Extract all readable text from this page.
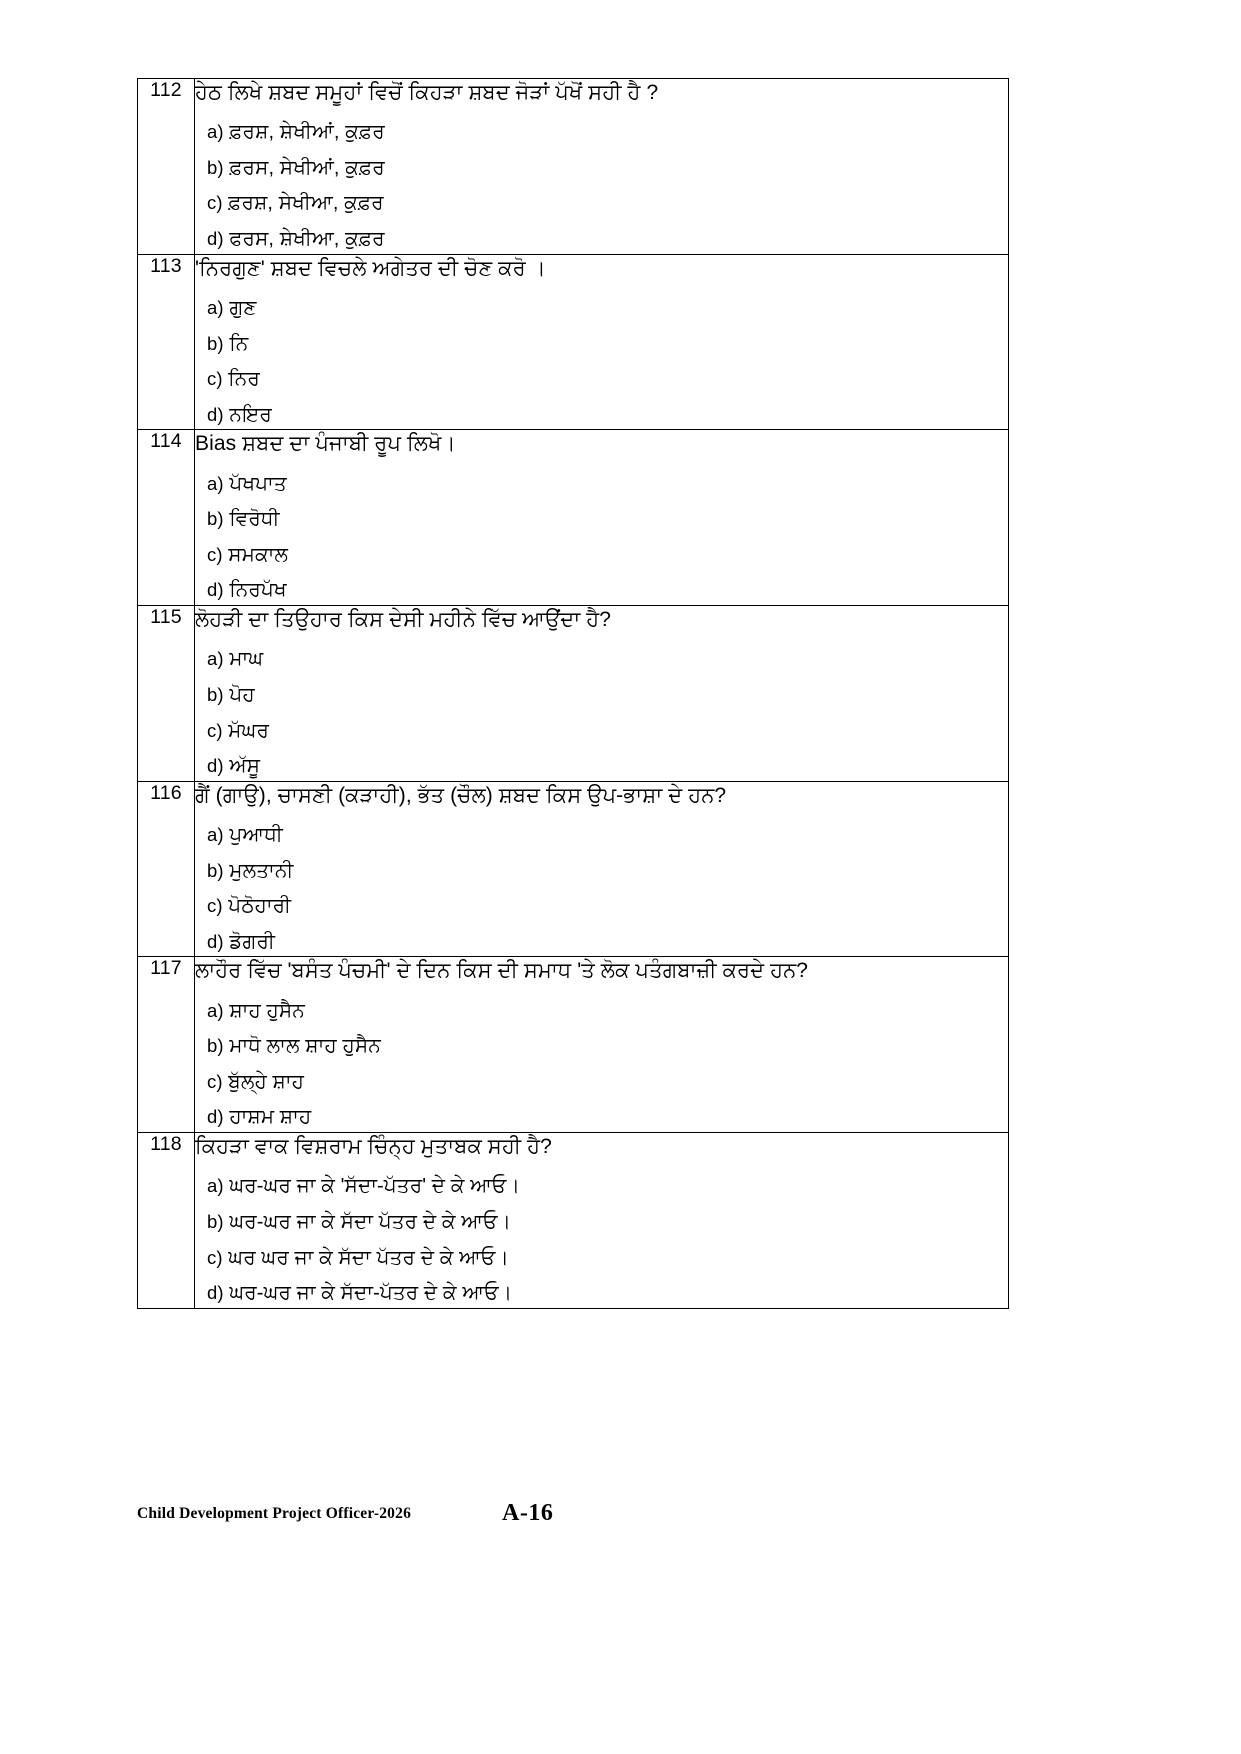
112	ਹੇਠ ਲਿਖੇ ਸ਼ਬਦ ਸਮੂਹਾਂ ਵਿਚੋਂ ਕਿਹੜਾ ਸ਼ਬਦ ਜੋੜਾਂ ਪੱਖੋਂ ਸਹੀ ਹੈ ?

a) ਫ਼ਰਸ਼, ਸ਼ੇਖੀਆਂ, ਕੁਫ਼ਰ

b) ਫ਼ਰਸ, ਸੇਖੀਆਂ, ਕੁਫ਼ਰ

c) ਫ਼ਰਸ਼, ਸੇਖੀਆ, ਕੁਫ਼ਰ

d) ਫਰਸ, ਸ਼ੇਖੀਆ, ਕੁਫ਼ਰ

113	'ਨਿਰਗੁਣ' ਸ਼ਬਦ ਵਿਚਲੇ ਅਗੇਤਰ ਦੀ ਚੋਣ ਕਰੋ ।

a) ਗੁਣ

b) ਨਿ

c) ਨਿਰ

d) ਨਇਰ

114	Bias ਸ਼ਬਦ ਦਾ ਪੰਜਾਬੀ ਰੂਪ ਲਿਖੋ।

a) ਪੱਖਪਾਤ

b) ਵਿਰੋਧੀ

c) ਸਮਕਾਲ

d) ਨਿਰਪੱਖ

115	ਲੋਹੜੀ ਦਾ ਤਿਉਹਾਰ ਕਿਸ ਦੇਸੀ ਮਹੀਨੇ ਵਿੱਚ ਆਉਂਦਾ ਹੈ?

a) ਮਾਘ

b) ਪੋਹ

c) ਮੱਘਰ

d) ਅੱਸੂ

116	ਗੈਂ (ਗਾਉ), ਚਾਸਣੀ (ਕੜਾਹੀ), ਭੱਤ (ਚੌਲ) ਸ਼ਬਦ ਕਿਸ ਉਪ-ਭਾਸ਼ਾ ਦੇ ਹਨ?

a) ਪੁਆਧੀ

b) ਮੁਲਤਾਨੀ

c) ਪੋਠੋਹਾਰੀ

d) ਡੋਗਰੀ

117	ਲਾਹੌਰ ਵਿੱਚ 'ਬਸੰਤ ਪੰਚਮੀ' ਦੇ ਦਿਨ ਕਿਸ ਦੀ ਸਮਾਧ 'ਤੇ ਲੋਕ ਪਤੰਗਬਾਜ਼ੀ ਕਰਦੇ ਹਨ?

a) ਸ਼ਾਹ ਹੁਸੈਨ

b) ਮਾਧੋ ਲਾਲ ਸ਼ਾਹ ਹੁਸੈਨ

c) ਬੁੱਲ੍ਹੇ ਸ਼ਾਹ

d) ਹਾਸ਼ਮ ਸ਼ਾਹ

118	ਕਿਹੜਾ ਵਾਕ ਵਿਸ਼ਰਾਮ ਚਿੰਨ੍ਹ ਮੁਤਾਬਕ ਸਹੀ ਹੈ?

a) ਘਰ-ਘਰ ਜਾ ਕੇ 'ਸੱਦਾ-ਪੱਤਰ' ਦੇ ਕੇ ਆਓ।

b) ਘਰ-ਘਰ ਜਾ ਕੇ ਸੱਦਾ ਪੱਤਰ ਦੇ ਕੇ ਆਓ।

c) ਘਰ ਘਰ ਜਾ ਕੇ ਸੱਦਾ ਪੱਤਰ ਦੇ ਕੇ ਆਓ।

d) ਘਰ-ਘਰ ਜਾ ਕੇ ਸੱਦਾ-ਪੱਤਰ ਦੇ ਕੇ ਆਓ।

Child Development Project Officer-2026	A-16
